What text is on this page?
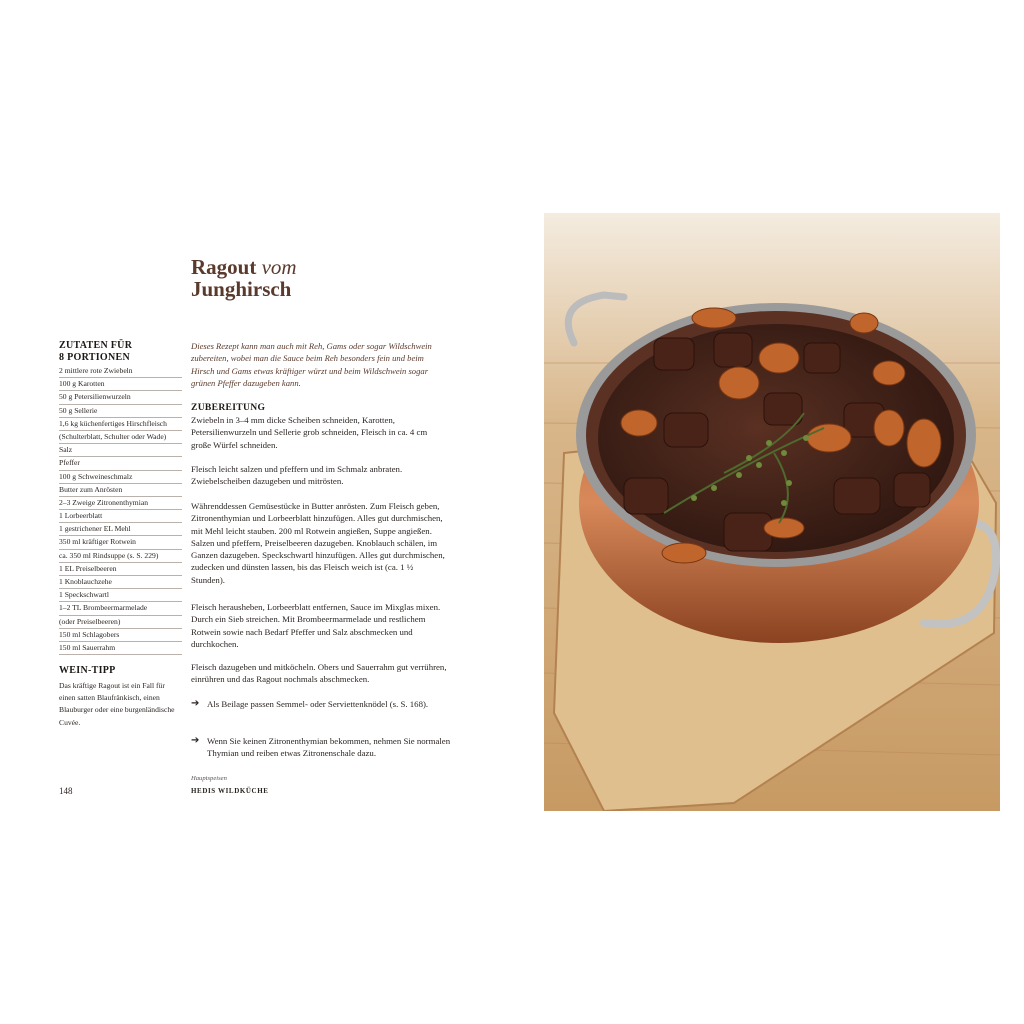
Ragout vom
Junghirsch
ZUTATEN FÜR
8 PORTIONEN
2 mittlere rote Zwiebeln
100 g Karotten
50 g Petersilienwurzeln
50 g Sellerie
1,6 kg küchenfertiges Hirschfleisch
(Schulterblatt, Schulter oder Wade)
Salz
Pfeffer
100 g Schweineschmalz
Butter zum Anrösten
2–3 Zweige Zitronenthymian
1 Lorbeerblatt
1 gestrichener EL Mehl
350 ml kräftiger Rotwein
ca. 350 ml Rindsuppe (s. S. 229)
1 EL Preiselbeeren
1 Knoblauchzehe
1 Speckschwartl
1–2 TL Brombeermarmelade
(oder Preiselbeeren)
150 ml Schlagobers
150 ml Sauerrahm
WEIN-TIPP
Das kräftige Ragout ist ein Fall für einen satten Blaufränkisch, einen Blauburger oder eine burgenländische Cuvée.
Dieses Rezept kann man auch mit Reh, Gams oder sogar Wildschwein zubereiten, wobei man die Sauce beim Reh besonders fein und beim Hirsch und Gams etwas kräftiger würzt und beim Wildschwein sogar grünen Pfeffer dazugeben kann.
ZUBEREITUNG

Zwiebeln in 3–4 mm dicke Scheiben schneiden, Karotten, Petersilienwurzeln und Sellerie grob schneiden, Fleisch in ca. 4 cm große Würfel schneiden.

Fleisch leicht salzen und pfeffern und im Schmalz anbraten. Zwiebelscheiben dazugeben und mitrösten.

Währenddessen Gemüsestücke in Butter anrösten. Zum Fleisch geben, Zitronenthymian und Lorbeerblatt hinzufügen. Alles gut durchmischen, mit Mehl leicht stauben. 200 ml Rotwein angießen, Suppe angießen. Salzen und pfeffern, Preiselbeeren dazugeben. Knoblauch schälen, im Ganzen dazugeben. Speckschwartl hinzufügen. Alles gut durchmischen, zudecken und dünsten lassen, bis das Fleisch weich ist (ca. 1 ½ Stunden).

Fleisch herausheben, Lorbeerblatt entfernen, Sauce im Mixglas mixen. Durch ein Sieb streichen. Mit Brombeermarmelade und restlichem Rotwein sowie nach Bedarf Pfeffer und Salz abschmecken und durchkochen.

Fleisch dazugeben und mitköcheln. Obers und Sauerrahm gut verrühren, einrühren und das Ragout nochmals abschmecken.

➔ Als Beilage passen Semmel- oder Serviettenknödel (s. S. 168).
➔ Wenn Sie keinen Zitronenthymian bekommen, nehmen Sie normalen Thymian und reiben etwas Zitronenschale dazu.
148
Hauptspeisen
HEDIS WILDKÜCHE
